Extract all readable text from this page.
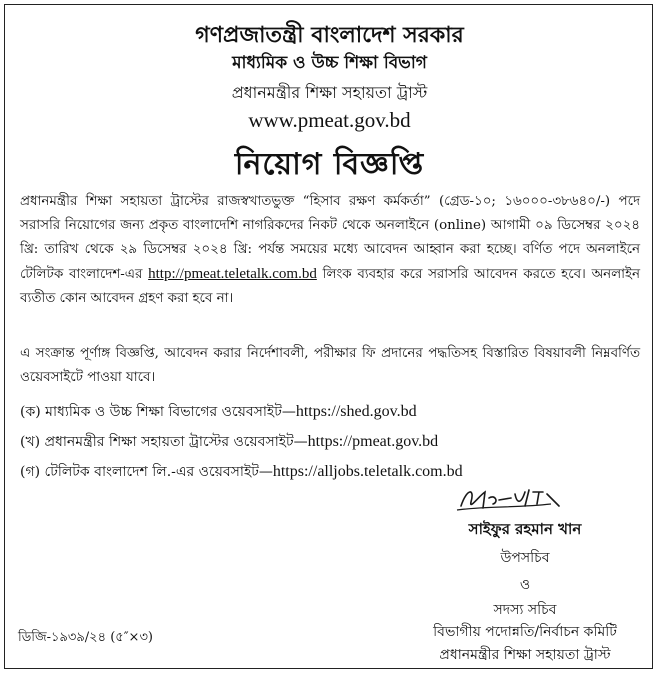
গণপ্রজাতন্ত্রী বাংলাদেশ সরকার
মাধ্যমিক ও উচ্চ শিক্ষা বিভাগ
প্রধানমন্ত্রীর শিক্ষা সহায়তা ট্রাস্ট
www.pmeat.gov.bd
নিয়োগ বিজ্ঞপ্তি
প্রধানমন্ত্রীর শিক্ষা সহায়তা ট্রাস্টের রাজস্বখাতভুক্ত “হিসাব রক্ষণ কর্মকর্তা” (গ্রেড-১০; ১৬০০০-৩৮৬৪০/-) পদে সরাসরি নিয়োগের জন্য প্রকৃত বাংলাদেশি নাগরিকদের নিকট থেকে অনলাইনে (online) আগামী ০৯ ডিসেম্বর ২০২৪ খ্রি: তারিখ থেকে ২৯ ডিসেম্বর ২০২৪ খ্রি: পর্যন্ত সময়ের মধ্যে আবেদন আহ্বান করা হচ্ছে। বর্ণিত পদে অনলাইনে টেলিটক বাংলাদেশ-এর http://pmeat.teletalk.com.bd লিংক ব্যবহার করে সরাসরি আবেদন করতে হবে। অনলাইন ব্যতীত কোন আবেদন গ্রহণ করা হবে না।
এ সংক্রান্ত পূর্ণাঙ্গ বিজ্ঞপ্তি, আবেদন করার নির্দেশাবলী, পরীক্ষার ফি প্রদানের পদ্ধতিসহ বিস্তারিত বিষয়াবলী নিম্নবর্ণিত ওয়েবসাইটে পাওয়া যাবে।
(ক) মাধ্যমিক ও উচ্চ শিক্ষা বিভাগের ওয়েবসাইট—https://shed.gov.bd
(খ) প্রধানমন্ত্রীর শিক্ষা সহায়তা ট্রাস্টের ওয়েবসাইট—https://pmeat.gov.bd
(গ) টেলিটক বাংলাদেশ লি.-এর ওয়েবসাইট—https://alljobs.teletalk.com.bd
সাইফুর রহমান খান
উপসচিব
ও
সদস্য সচিব
বিভাগীয় পদোন্নতি/নির্বাচন কমিটি
প্রধানমন্ত্রীর শিক্ষা সহায়তা ট্রাস্ট
ডিজি-১৯৩৯/২৪ (৫″×৩)
